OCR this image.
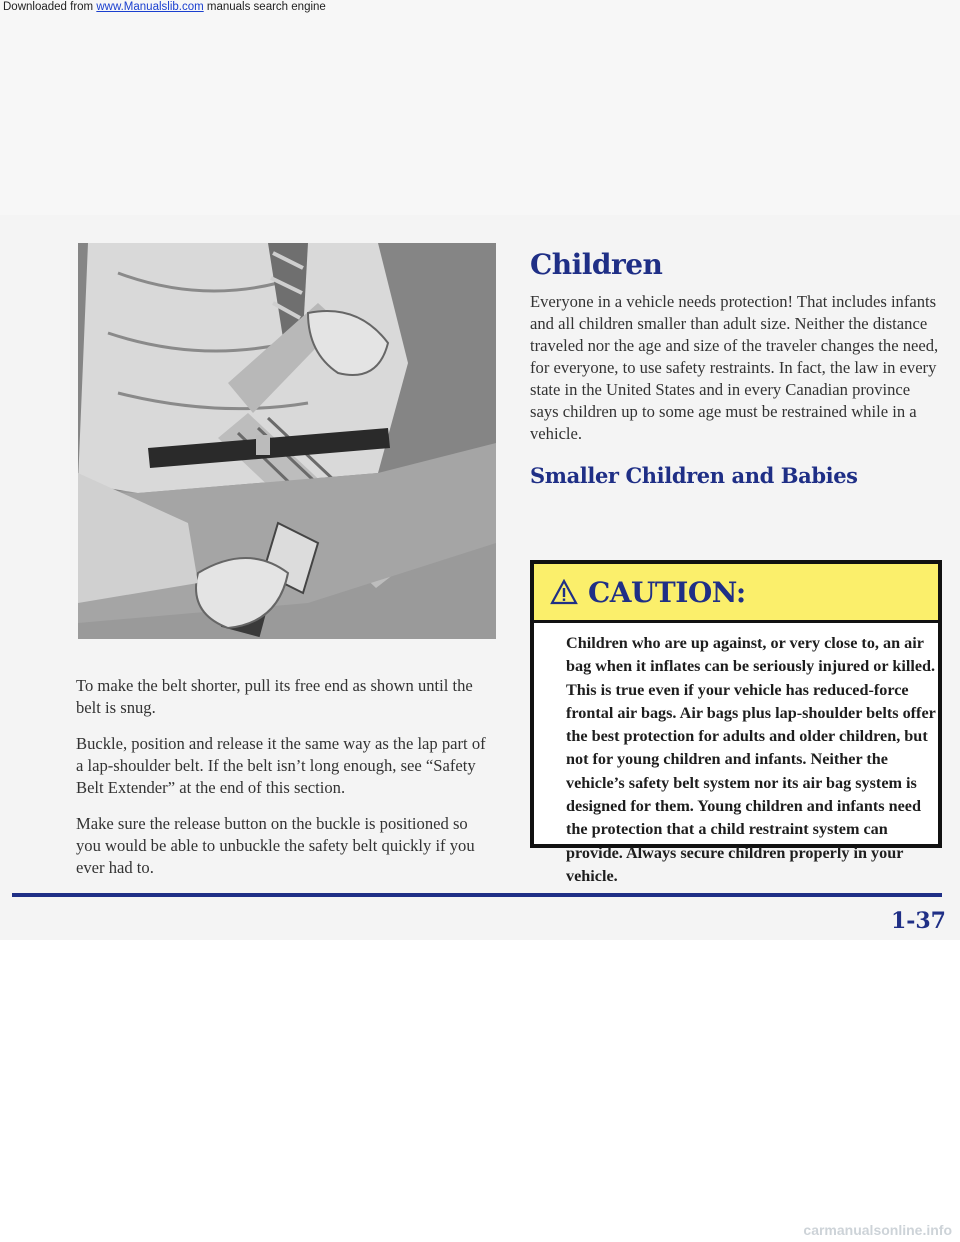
Downloaded from www.Manualslib.com manuals search engine

To make the belt shorter, pull its free end as shown until the belt is snug.

Buckle, position and release it the same way as the lap part of a lap-shoulder belt. If the belt isn’t long enough, see “Safety Belt Extender” at the end of this section.

Make sure the release button on the buckle is positioned so you would be able to unbuckle the safety belt quickly if you ever had to.

Children

Everyone in a vehicle needs protection! That includes infants and all children smaller than adult size. Neither the distance traveled nor the age and size of the traveler changes the need, for everyone, to use safety restraints. In fact, the law in every state in the United States and in every Canadian province says children up to some age must be restrained while in a vehicle.

Smaller Children and Babies
CAUTION:
Children who are up against, or very close to, an air bag when it inflates can be seriously injured or killed. This is true even if your vehicle has reduced-force frontal air bags. Air bags plus lap-shoulder belts offer the best protection for adults and older children, but not for young children and infants. Neither the vehicle’s safety belt system nor its air bag system is designed for them. Young children and infants need the protection that a child restraint system can provide. Always secure children properly in your vehicle.
1-37
carmanualsonline.info
